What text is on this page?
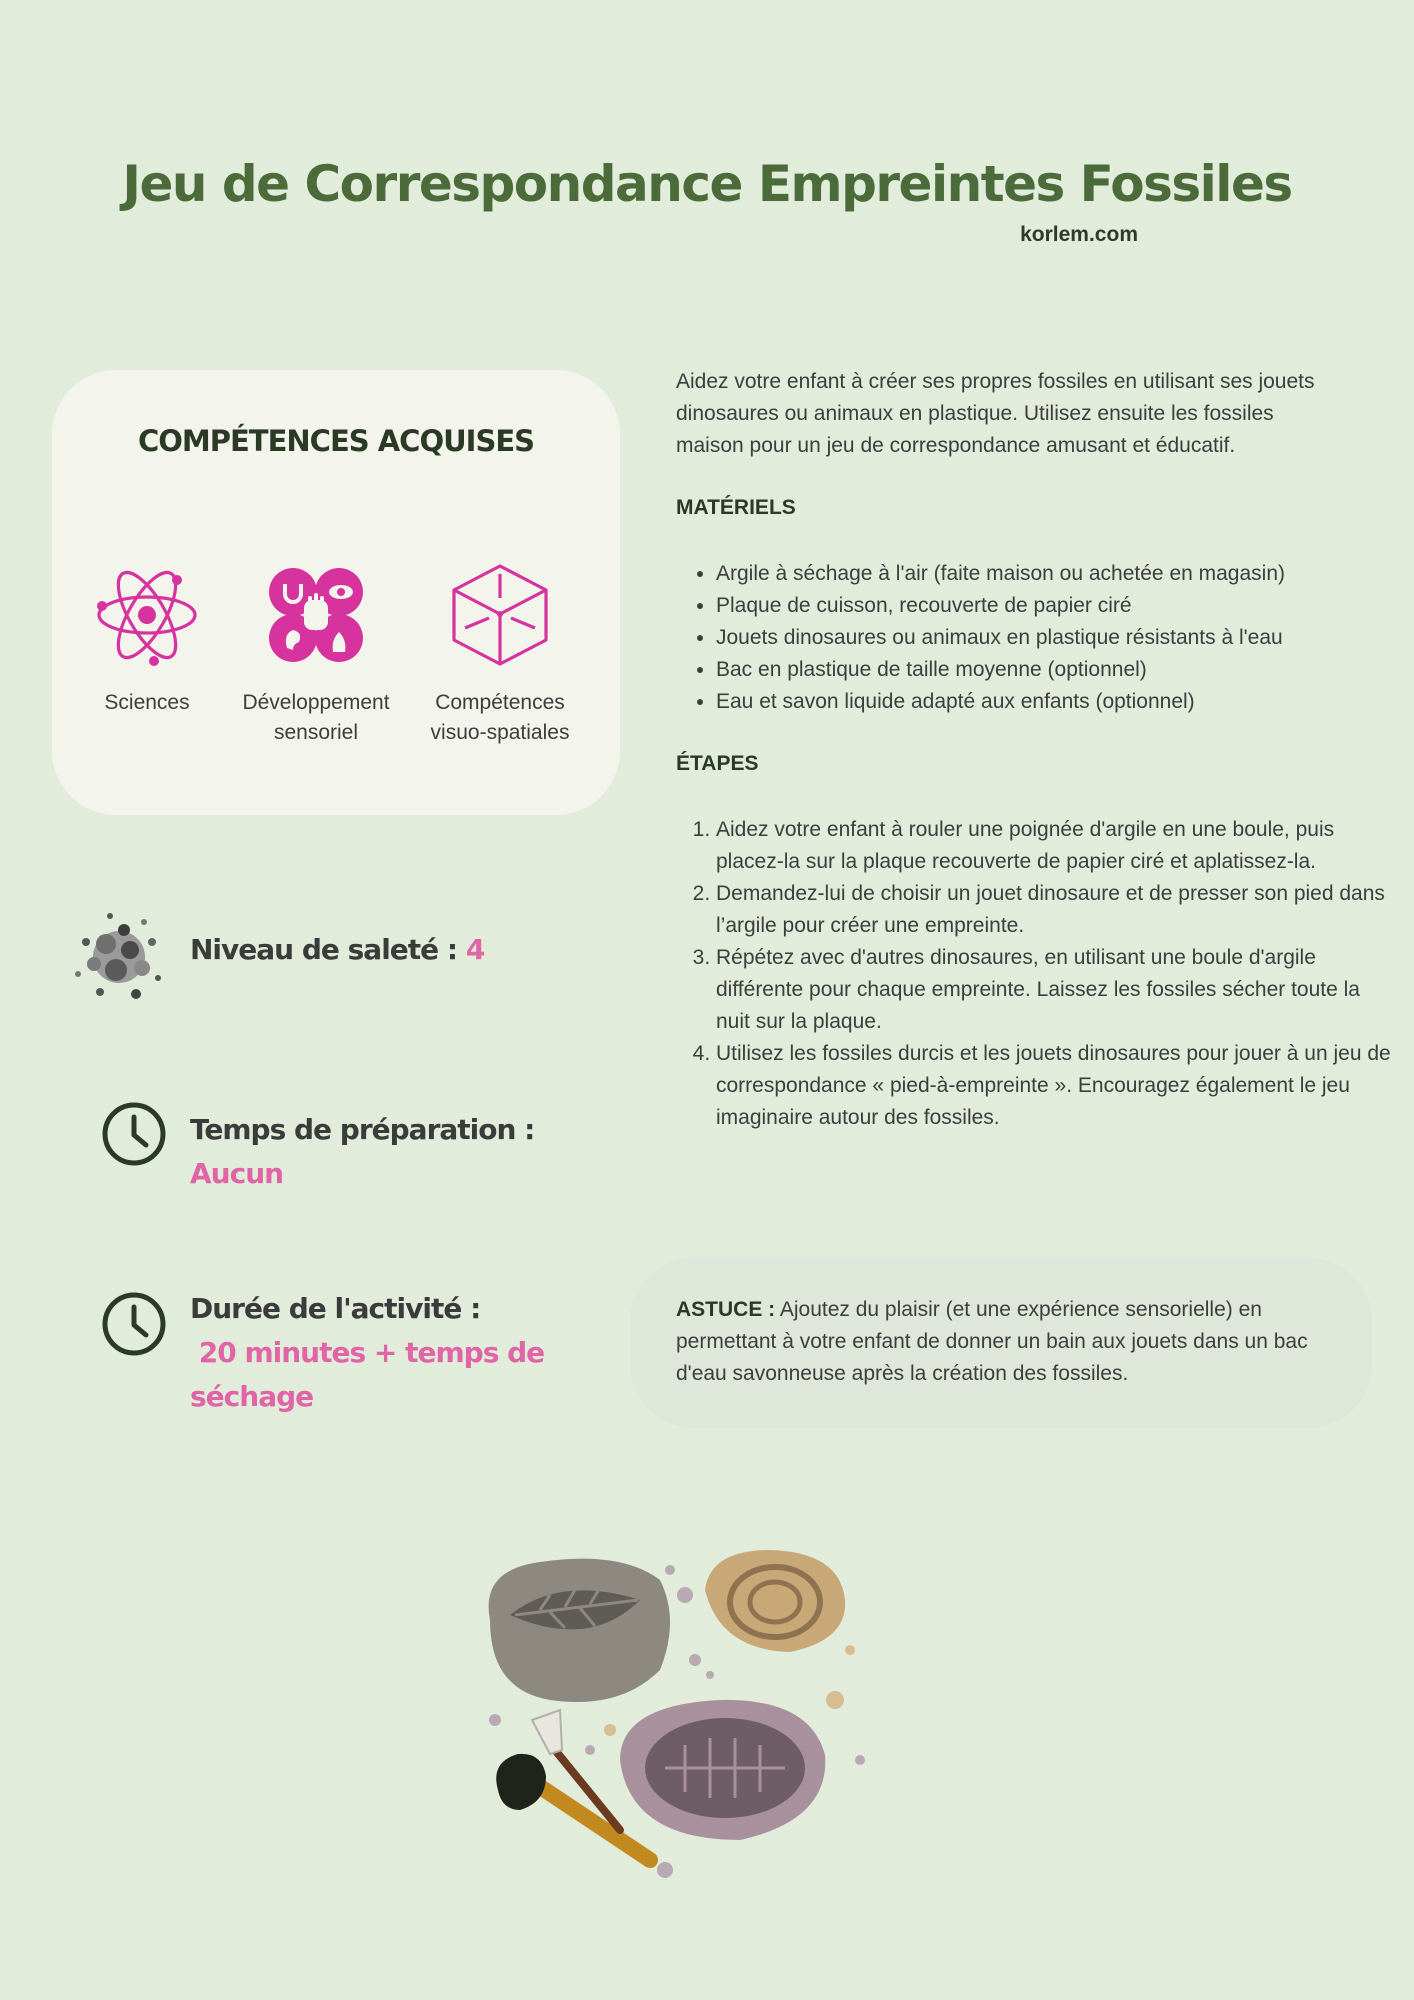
Jeu de Correspondance Empreintes Fossiles
korlem.com
COMPÉTENCES ACQUISES
Sciences	Développement
sensoriel
Compétences
visuo-spatiales

Aidez votre enfant à créer ses propres fossiles en utilisant ses jouets dinosaures ou animaux en plastique. Utilisez ensuite les fossiles maison pour un jeu de correspondance amusant et éducatif.

MATÉRIELS
• Argile à séchage à l'air (faite maison ou achetée en magasin)
• Plaque de cuisson, recouverte de papier ciré
• Jouets dinosaures ou animaux en plastique résistants à l'eau
• Bac en plastique de taille moyenne (optionnel)
• Eau et savon liquide adapté aux enfants (optionnel)
ÉTAPES
1. Aidez votre enfant à rouler une poignée d'argile en une boule, puis placez-la sur la plaque recouverte de papier ciré et aplatissez-la.
2. Demandez-lui de choisir un jouet dinosaure et de presser son pied dans l’argile pour créer une empreinte.
3. Répétez avec d'autres dinosaures, en utilisant une boule d'argile différente pour chaque empreinte. Laissez les fossiles sécher toute la nuit sur la plaque.
4. Utilisez les fossiles durcis et les jouets dinosaures pour jouer à un jeu de correspondance « pied-à-empreinte ». Encouragez également le jeu imaginaire autour des fossiles.
Niveau de saleté : 4
Temps de préparation :
Aucun
Durée de l'activité :
20 minutes + temps de
séchage

ASTUCE : Ajoutez du plaisir (et une expérience sensorielle) en permettant à votre enfant de donner un bain aux jouets dans un bac d'eau savonneuse après la création des fossiles.
